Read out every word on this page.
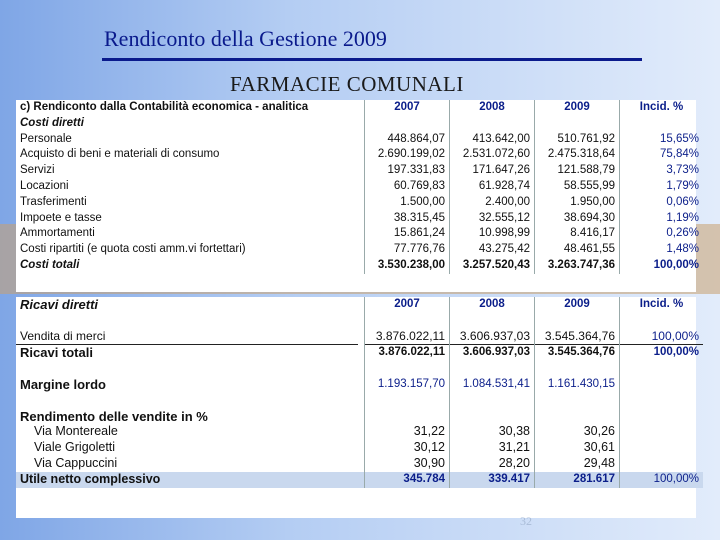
Rendiconto della Gestione 2009
FARMACIE COMUNALI
c) Rendiconto dalla Contabilità economica - analitica		2007	2008	2009	Incid. %
Costi diretti					
Personale		448.864,07	413.642,00	510.761,92	15,65%
Acquisto di beni e materiali di consumo		2.690.199,02	2.531.072,60	2.475.318,64	75,84%
Servizi		197.331,83	171.647,26	121.588,79	3,73%
Locazioni		60.769,83	61.928,74	58.555,99	1,79%
Trasferimenti		1.500,00	2.400,00	1.950,00	0,06%
Impoete e tasse		38.315,45	32.555,12	38.694,30	1,19%
Ammortamenti		15.861,24	10.998,99	8.416,17	0,26%
Costi ripartiti (e quota costi amm.vi fortettari)		77.776,76	43.275,42	48.461,55	1,48%
Costi totali		3.530.238,00	3.257.520,43	3.263.747,36	100,00%
Ricavi diretti		2007	2008	2009	Incid. %

Vendita di merci		3.876.022,11	3.606.937,03	3.545.364,76	100,00%
Ricavi totali		3.876.022,11	3.606.937,03	3.545.364,76	100,00%

Margine lordo		1.193.157,70	1.084.531,41	1.161.430,15	

Rendimento delle vendite in %					
Via Montereale		31,22	30,38	30,26	
Viale Grigoletti		30,12	31,21	30,61	
Via Cappuccini		30,90	28,20	29,48	
Utile netto complessivo		345.784	339.417	281.617	100,00%
32
